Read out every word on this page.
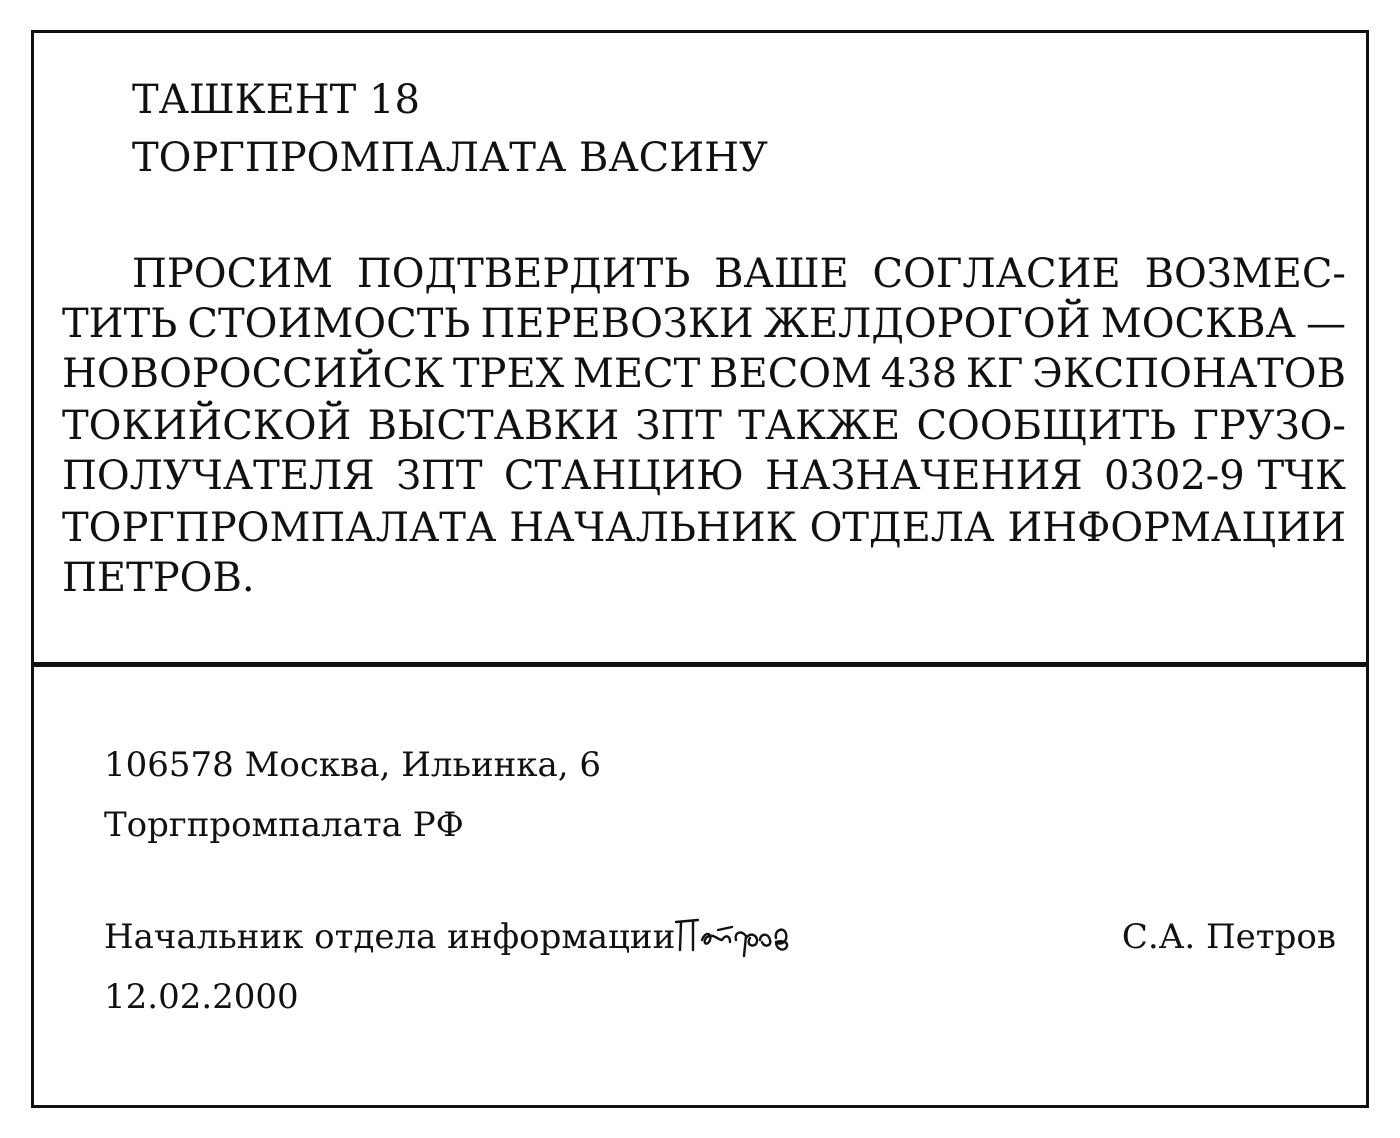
ТАШКЕНТ 18
ТОРГПРОМПАЛАТА ВАСИНУ
ПРОСИМ ПОДТВЕРДИТЬ ВАШЕ СОГЛАСИЕ ВОЗМЕС-
ТИТЬ СТОИМОСТЬ ПЕРЕВОЗКИ ЖЕЛДОРОГОЙ МОСКВА —
НОВОРОССИЙСК ТРЕХ МЕСТ ВЕСОМ 438 КГ ЭКСПОНАТОВ
ТОКИЙСКОЙ ВЫСТАВКИ ЗПТ ТАКЖЕ СООБЩИТЬ ГРУЗО-
ПОЛУЧАТЕЛЯ ЗПТ СТАНЦИЮ НАЗНАЧЕНИЯ 0302-9 ТЧК
ТОРГПРОМПАЛАТА НАЧАЛЬНИК ОТДЕЛА ИНФОРМАЦИИ
ПЕТРОВ.
106578 Москва, Ильинка, 6
Торгпромпалата РФ
Начальник отдела информации	С.А. Петров
12.02.2000
